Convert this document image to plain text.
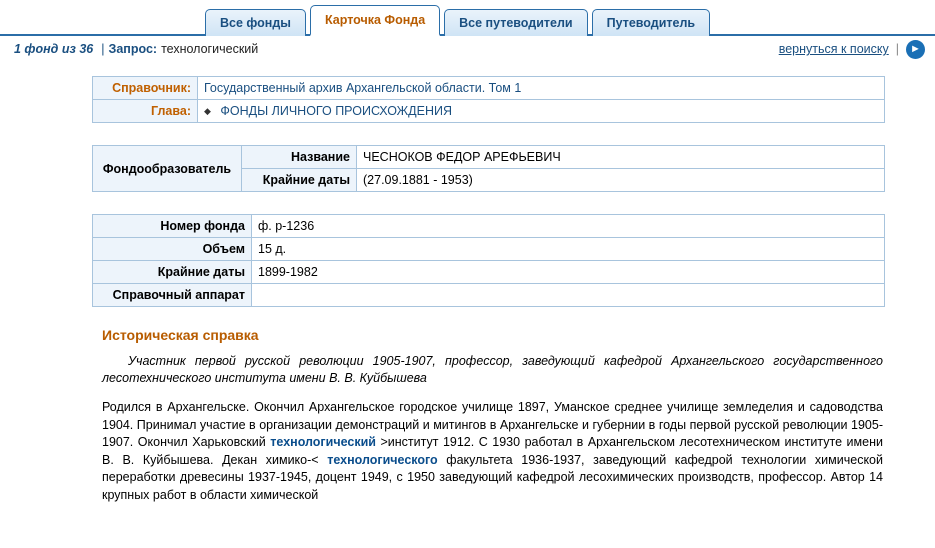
Все фонды	Карточка Фонда	Все путеводители	Путеводитель
1 фонд из 36 | Запрос: технологический	вернуться к поиску |	►
Справочник:	Государственный архив Архангельской области. Том 1
Глава:	◆ ФОНДЫ ЛИЧНОГО ПРОИСХОЖДЕНИЯ
Фондообразователь	Название	ЧЕСНОКОВ ФЕДОР АРЕФЬЕВИЧ
	Крайние даты	(27.09.1881 - 1953)
Номер фонда	ф. р-1236
Объем	15 д.
Крайние даты	1899-1982
Справочный аппарат	
Историческая справка
Участник первой русской революции 1905-1907, профессор, заведующий кафедрой Архангельского государственного лесотехнического института имени В. В. Куйбышева
Родился в Архангельске. Окончил Архангельское городское училище 1897, Уманское среднее училище земледелия и садоводства 1904. Принимал участие в организации демонстраций и митингов в Архангельске и губернии в годы первой русской революции 1905-1907. Окончил Харьковский технологический >институт 1912. С 1930 работал в Архангельском лесотехническом институте имени В. В. Куйбышева. Декан химико-< технологического факультета 1936-1937, заведующий кафедрой технологии химической переработки древесины 1937-1945, доцент 1949, с 1950 заведующий кафедрой лесохимических производств, профессор. Автор 14 крупных работ в области химической
